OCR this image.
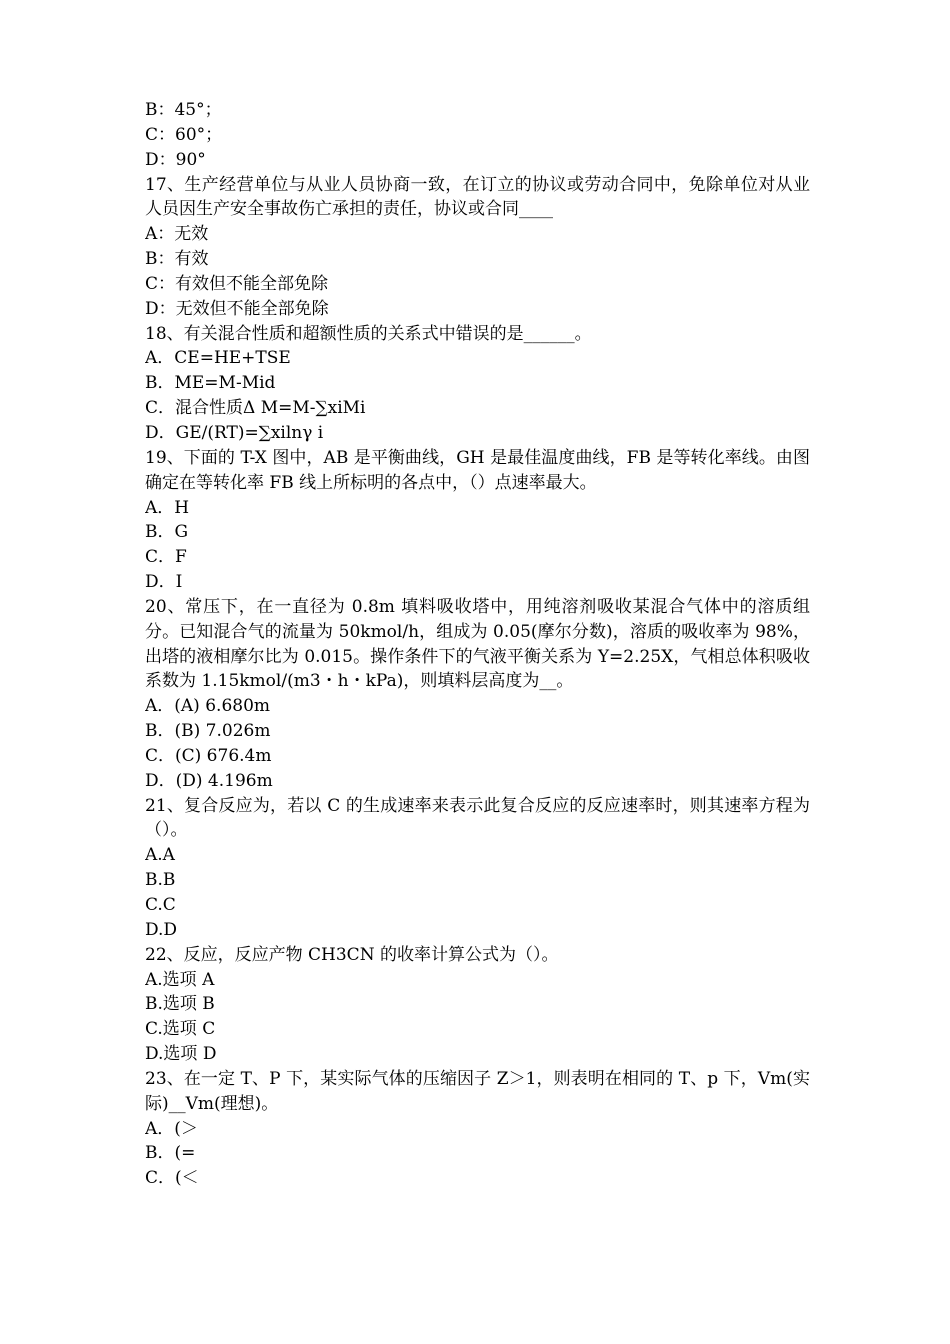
B：45°；
C：60°；
D：90°
17、生产经营单位与从业人员协商一致，在订立的协议或劳动合同中，免除单位对从业人员因生产安全事故伤亡承担的责任，协议或合同____
A：无效
B：有效
C：有效但不能全部免除
D：无效但不能全部免除
18、有关混合性质和超额性质的关系式中错误的是______。
A．CE=HE+TSE
B．ME=M-Mid
C．混合性质Δ M=M-∑xiMi
D．GE/(RT)=∑xilnγ i
19、下面的 T-X 图中，AB 是平衡曲线，GH 是最佳温度曲线，FB 是等转化率线。由图确定在等转化率 FB 线上所标明的各点中，（）点速率最大。
A．H
B．G
C．F
D．I
20、常压下，在一直径为 0.8m 填料吸收塔中，用纯溶剂吸收某混合气体中的溶质组分。已知混合气的流量为 50kmol/h，组成为 0.05(摩尔分数)，溶质的吸收率为 98%，出塔的液相摩尔比为 0.015。操作条件下的气液平衡关系为 Y=2.25X，气相总体积吸收系数为 1.15kmol/(m3・h・kPa)，则填料层高度为__。
A．(A) 6.680m
B．(B) 7.026m
C．(C) 676.4m
D．(D) 4.196m
21、复合反应为，若以 C 的生成速率来表示此复合反应的反应速率时，则其速率方程为（）。
A.A
B.B
C.C
D.D
22、反应，反应产物 CH3CN 的收率计算公式为（）。
A.选项 A
B.选项 B
C.选项 C
D.选项 D
23、在一定 T、P 下，某实际气体的压缩因子 Z＞1，则表明在相同的 T、p 下，Vm(实际)__Vm(理想)。
A．(＞
B．(=
C．(＜
